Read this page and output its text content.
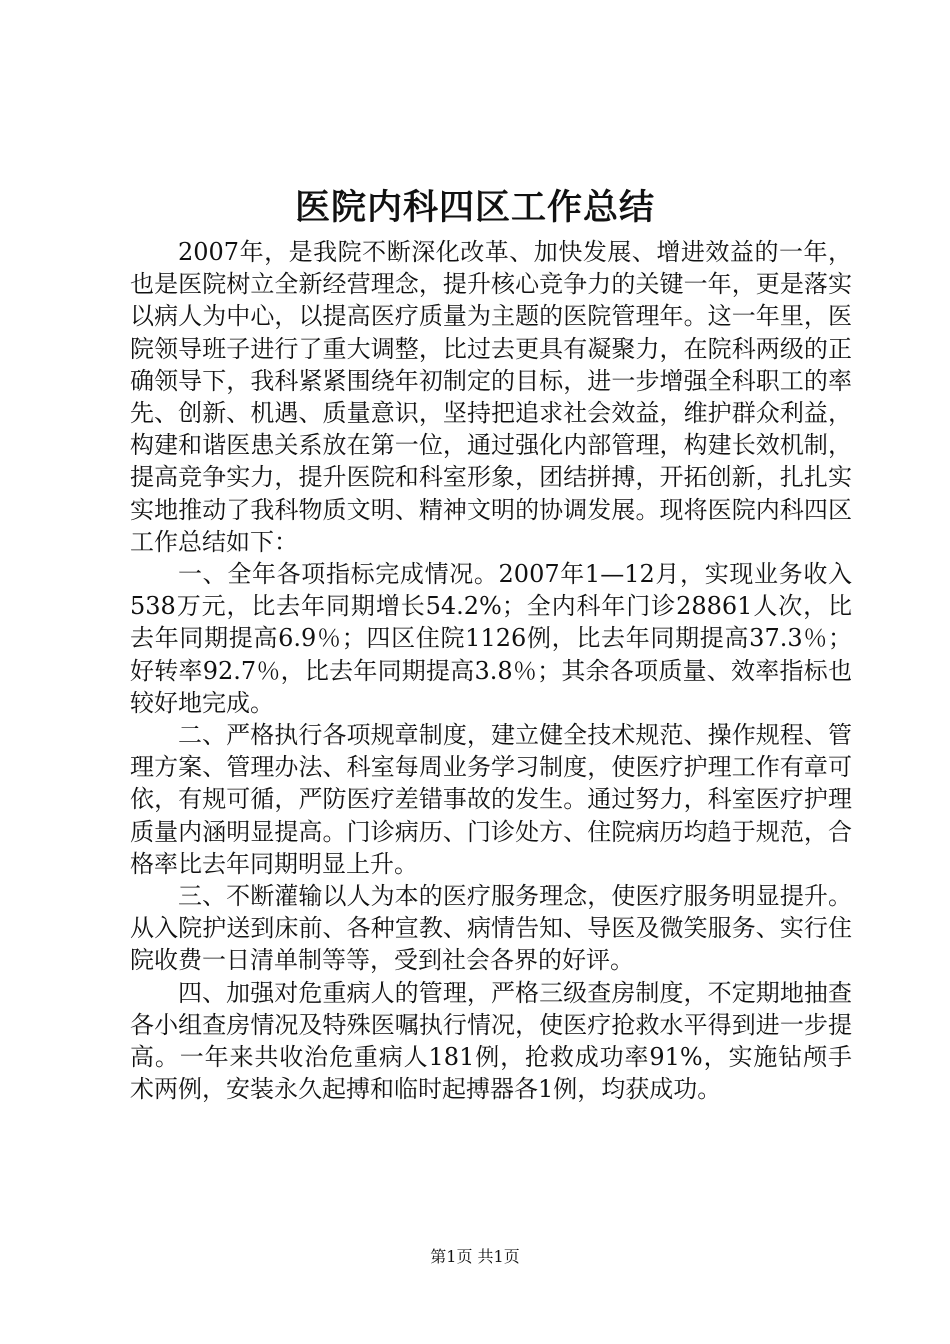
医院内科四区工作总结

2007年，是我院不断深化改革、加快发展、增进效益的一年，也是医院树立全新经营理念，提升核心竞争力的关键一年，更是落实以病人为中心，以提高医疗质量为主题的医院管理年。这一年里，医院领导班子进行了重大调整，比过去更具有凝聚力，在院科两级的正确领导下，我科紧紧围绕年初制定的目标，进一步增强全科职工的率先、创新、机遇、质量意识，坚持把追求社会效益，维护群众利益，构建和谐医患关系放在第一位，通过强化内部管理，构建长效机制，提高竞争实力，提升医院和科室形象，团结拼搏，开拓创新，扎扎实实地推动了我科物质文明、精神文明的协调发展。现将医院内科四区工作总结如下：

一、全年各项指标完成情况。2007年1—12月，实现业务收入538万元，比去年同期增长54.2%；全内科年门诊28861人次，比去年同期提高6.9％；四区住院1126例，比去年同期提高37.3％；好转率92.7％，比去年同期提高3.8％；其余各项质量、效率指标也较好地完成。

二、严格执行各项规章制度，建立健全技术规范、操作规程、管理方案、管理办法、科室每周业务学习制度，使医疗护理工作有章可依，有规可循，严防医疗差错事故的发生。通过努力，科室医疗护理质量内涵明显提高。门诊病历、门诊处方、住院病历均趋于规范，合格率比去年同期明显上升。

三、不断灌输以人为本的医疗服务理念，使医疗服务明显提升。从入院护送到床前、各种宣教、病情告知、导医及微笑服务、实行住院收费一日清单制等等，受到社会各界的好评。

四、加强对危重病人的管理，严格三级查房制度，不定期地抽查各小组查房情况及特殊医嘱执行情况，使医疗抢救水平得到进一步提高。一年来共收治危重病人181例，抢救成功率91%，实施钻颅手术两例，安装永久起搏和临时起搏器各1例，均获成功。

第1页 共1页
